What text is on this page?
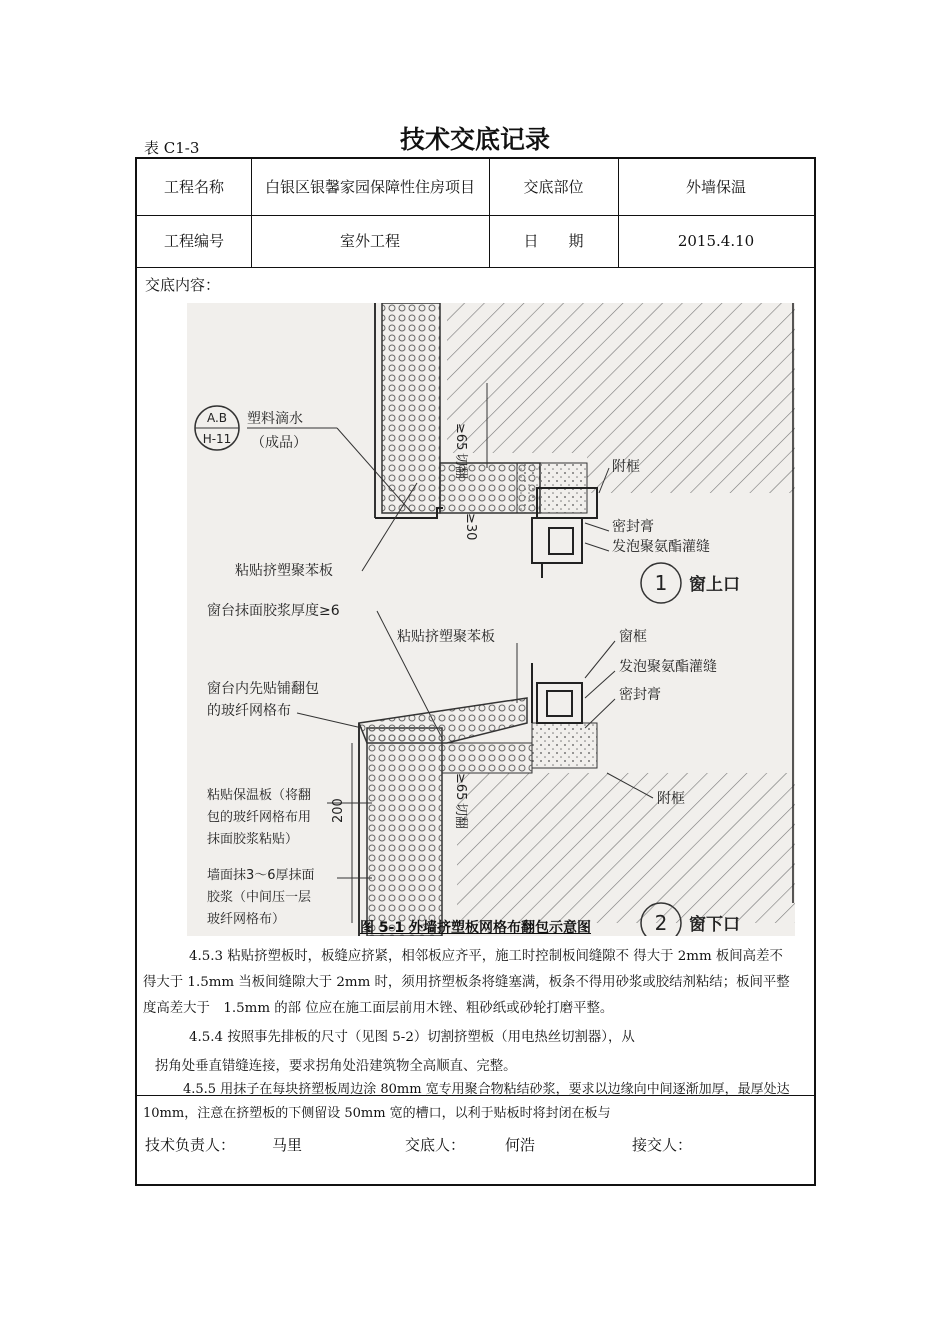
表 C1-3	技术交底记录
工程名称	白银区银馨家园保障性住房项目	交底部位	外墙保温
工程编号	室外工程	日　　期	2015.4.10
交底内容：
A.B
H-11
塑料滴水
（成品）	≥65
切翻
≥30
附框
密封膏
发泡聚氨酯灌缝
1 窗上口
粘贴挤塑聚苯板
窗台抹面胶浆厚度≥6
粘贴挤塑聚苯板
窗台内先贴铺翻包
的玻纤网格布
粘贴保温板（将翻
包的玻纤网格布用
抹面胶浆粘贴）
墙面抹3～6厚抹面
胶浆（中间压一层
玻纤网格布）
200
≥65
切翻
窗框
发泡聚氨酯灌缝
密封膏
附框
2 窗下口
图 5-1 外墙挤塑板网格布翻包示意图
4.5.3 粘贴挤塑板时，板缝应挤紧，相邻板应齐平，施工时控制板间缝隙不 得大于 2mm 板间高差不
得大于 1.5mm 当板间缝隙大于 2mm 时，须用挤塑板条将缝塞满，板条不得用砂浆或胶结剂粘结；板间平整
度高差大于　1.5mm 的部 位应在施工面层前用木锉、粗砂纸或砂轮打磨平整。
4.5.4 按照事先排板的尺寸（见图 5-2）切割挤塑板（用电热丝切割器），从
拐角处垂直错缝连接，要求拐角处沿建筑物全高顺直、完整。
4.5.5 用抹子在每块挤塑板周边涂 80mm 宽专用聚合物粘结砂浆，要求以边缘向中间逐渐加厚，最厚处达
10mm，注意在挤塑板的下侧留设 50mm 宽的槽口，以利于贴板时将封闭在板与
技术负责人： 马里	交底人：	何浩	接交人：
